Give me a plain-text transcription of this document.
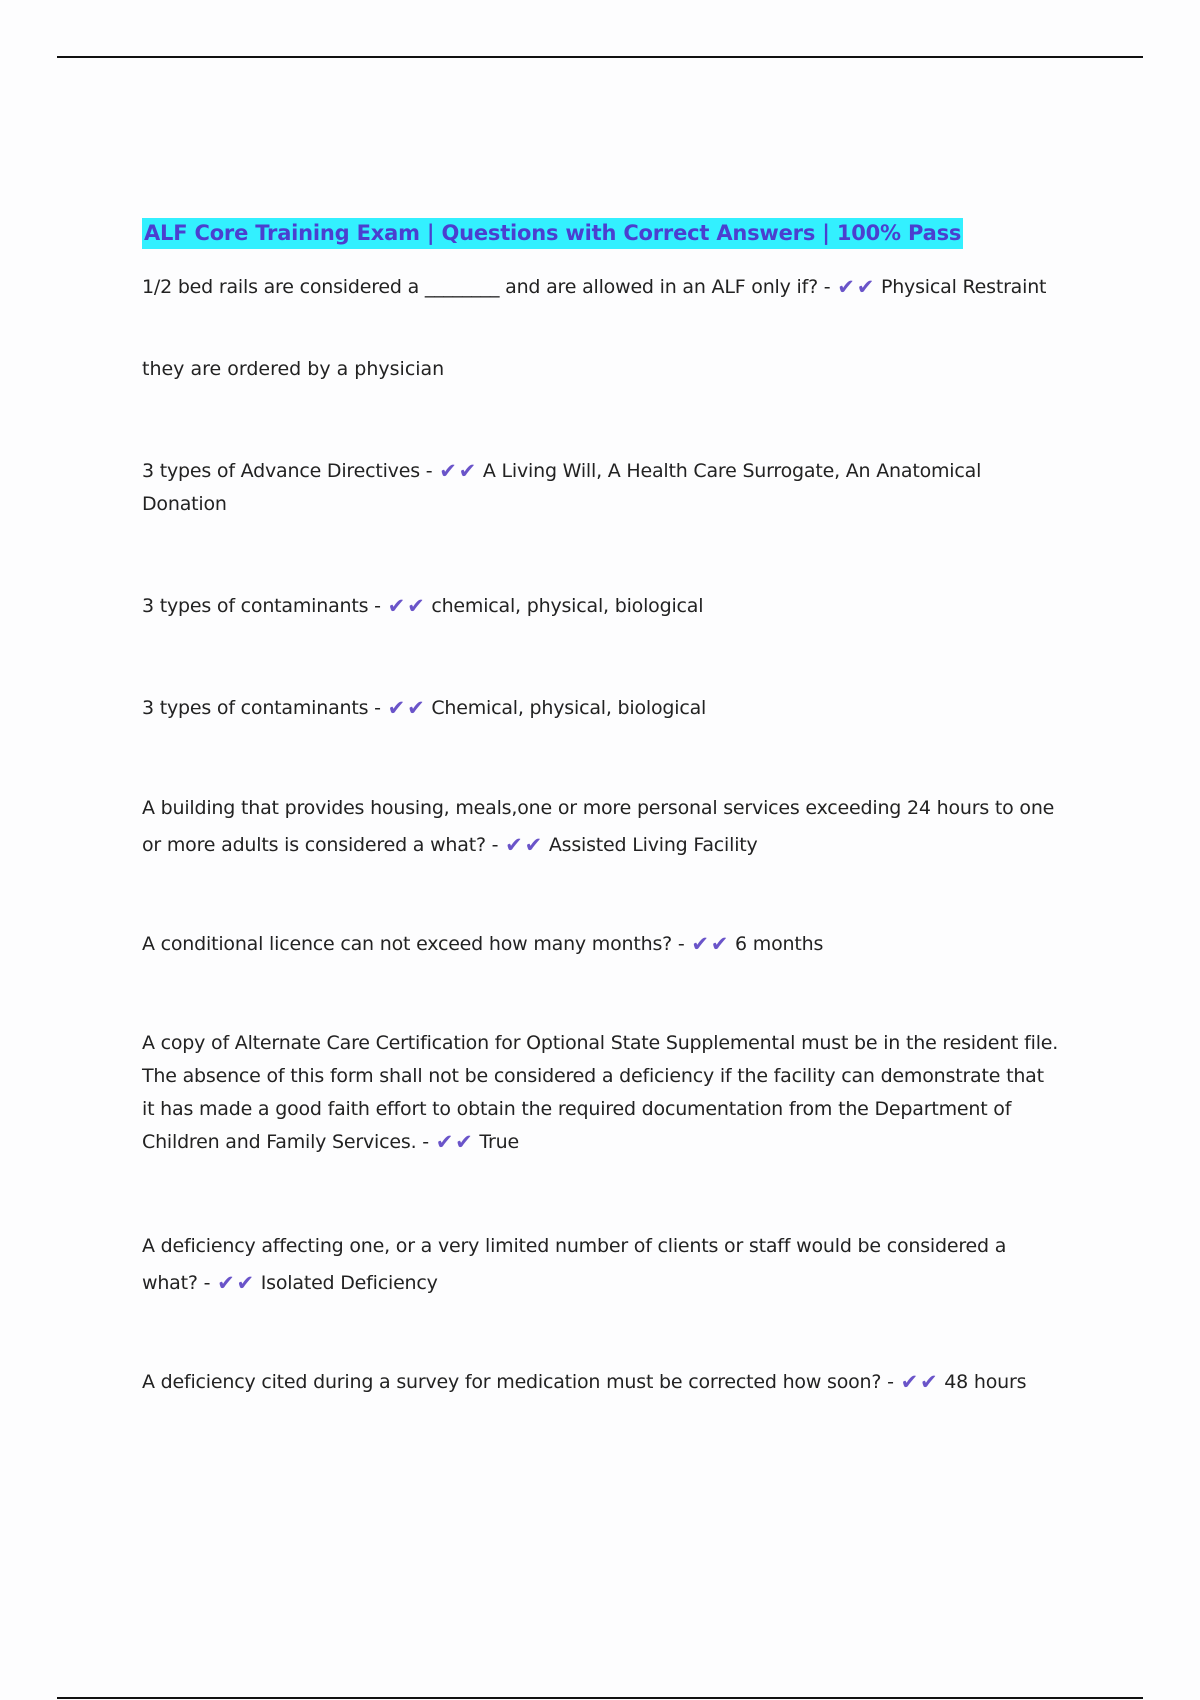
ALF Core Training Exam | Questions with Correct Answers | 100% Pass
1/2 bed rails are considered a ________ and are allowed in an ALF only if? - ✔✔ Physical Restraint
they are ordered by a physician
3 types of Advance Directives - ✔✔ A Living Will, A Health Care Surrogate, An Anatomical Donation
3 types of contaminants - ✔✔ chemical, physical, biological
3 types of contaminants - ✔✔ Chemical, physical, biological
A building that provides housing, meals,one or more personal services exceeding 24 hours to one or more adults is considered a what? - ✔✔ Assisted Living Facility
A conditional licence can not exceed how many months? - ✔✔ 6 months
A copy of Alternate Care Certification for Optional State Supplemental must be in the resident file. The absence of this form shall not be considered a deficiency if the facility can demonstrate that it has made a good faith effort to obtain the required documentation from the Department of Children and Family Services. - ✔✔ True
A deficiency affecting one, or a very limited number of clients or staff would be considered a what? - ✔✔ Isolated Deficiency
A deficiency cited during a survey for medication must be corrected how soon? - ✔✔ 48 hours
